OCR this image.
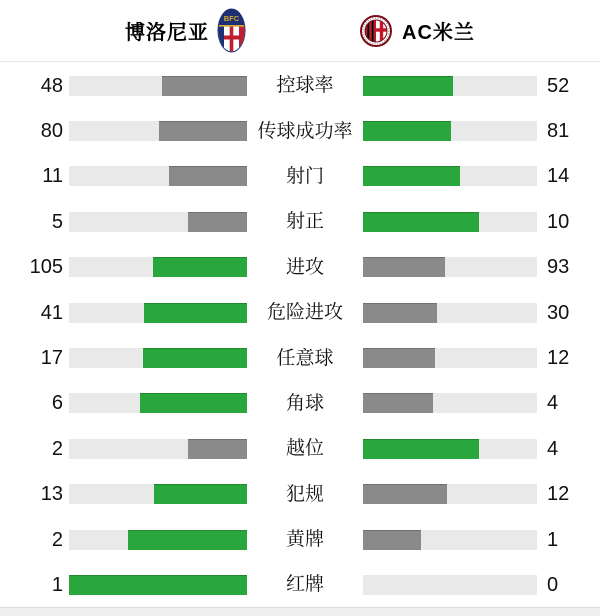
博洛尼亚
BFC
AC米兰
48	控球率	52
80	传球成功率	81
11	射门	14
5	射正	10
105	进攻	93
41	危险进攻	30
17	任意球	12
6	角球	4
2	越位	4
13	犯规	12
2	黄牌	1
1	红牌	0
